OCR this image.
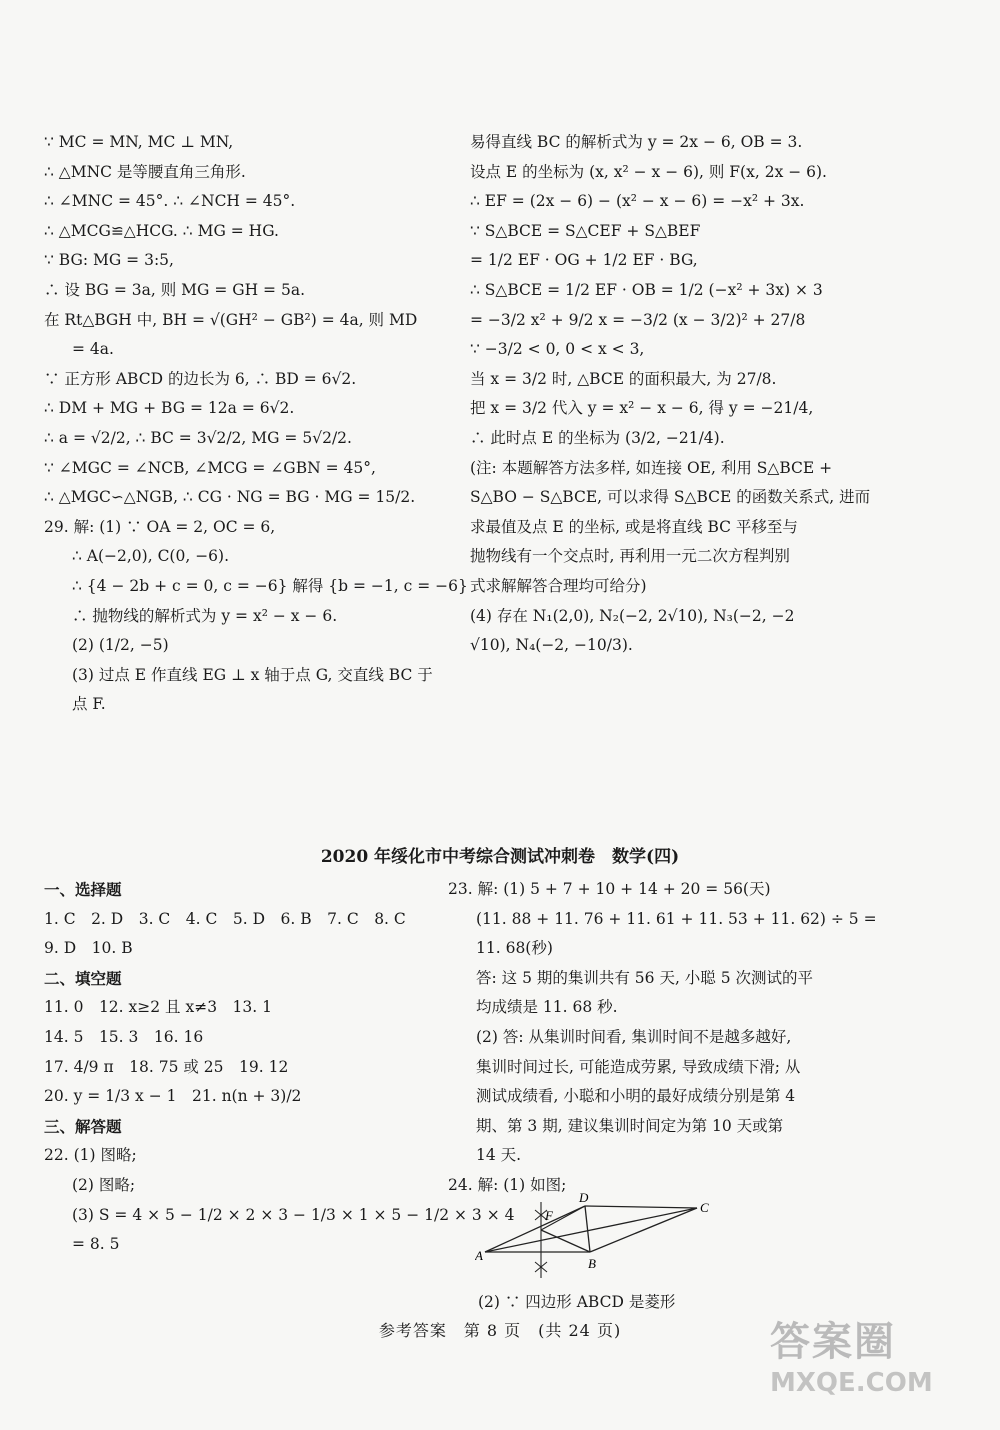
∵ MC = MN, MC ⊥ MN,
∴ △MNC 是等腰直角三角形.
∴ ∠MNC = 45°. ∴ ∠NCH = 45°.
∴ △MCG≌△HCG. ∴ MG = HG.
∵ BG: MG = 3:5,
∴ 设 BG = 3a, 则 MG = GH = 5a.
在 Rt△BGH 中, BH = √(GH² − GB²) = 4a, 则 MD
= 4a.
∵ 正方形 ABCD 的边长为 6, ∴ BD = 6√2.
∴ DM + MG + BG = 12a = 6√2.
∴ a = √2/2, ∴ BC = 3√2/2, MG = 5√2/2.
∵ ∠MGC = ∠NCB, ∠MCG = ∠GBN = 45°,
∴ △MGC∽△NGB, ∴ CG · NG = BG · MG = 15/2.
29. 解: (1) ∵ OA = 2, OC = 6,
∴ A(−2,0), C(0, −6).
∴ {4 − 2b + c = 0, c = −6} 解得 {b = −1, c = −6}
∴ 抛物线的解析式为 y = x² − x − 6.
(2) (1/2, −5)
(3) 过点 E 作直线 EG ⊥ x 轴于点 G, 交直线 BC 于
点 F.
易得直线 BC 的解析式为 y = 2x − 6, OB = 3.
设点 E 的坐标为 (x, x² − x − 6), 则 F(x, 2x − 6).
∴ EF = (2x − 6) − (x² − x − 6) = −x² + 3x.
∵ S△BCE = S△CEF + S△BEF
= 1/2 EF · OG + 1/2 EF · BG,
∴ S△BCE = 1/2 EF · OB = 1/2 (−x² + 3x) × 3
= −3/2 x² + 9/2 x = −3/2 (x − 3/2)² + 27/8
∵ −3/2 < 0, 0 < x < 3,
当 x = 3/2 时, △BCE 的面积最大, 为 27/8.
把 x = 3/2 代入 y = x² − x − 6, 得 y = −21/4,
∴ 此时点 E 的坐标为 (3/2, −21/4).
(注: 本题解答方法多样, 如连接 OE, 利用 S△BCE +
S△BO − S△BCE, 可以求得 S△BCE 的函数关系式, 进而
求最值及点 E 的坐标, 或是将直线 BC 平移至与
抛物线有一个交点时, 再利用一元二次方程判别
式求解解答合理均可给分)
(4) 存在 N₁(2,0), N₂(−2, 2√10), N₃(−2, −2
√10), N₄(−2, −10/3).
2020 年绥化市中考综合测试冲刺卷　数学(四)
一、选择题
1. C　2. D　3. C　4. C　5. D　6. B　7. C　8. C
9. D　10. B
二、填空题
11. 0　12. x≥2 且 x≠3　13. 1
14. 5　15. 3　16. 16
17. 4/9 π　18. 75 或 25　19. 12
20. y = 1/3 x − 1　21. n(n + 3)/2
三、解答题
22. (1) 图略;
(2) 图略;
(3) S = 4 × 5 − 1/2 × 2 × 3 − 1/3 × 1 × 5 − 1/2 × 3 × 4
= 8. 5
23. 解: (1) 5 + 7 + 10 + 14 + 20 = 56(天)
(11. 88 + 11. 76 + 11. 61 + 11. 53 + 11. 62) ÷ 5 =
11. 68(秒)
答: 这 5 期的集训共有 56 天, 小聪 5 次测试的平
均成绩是 11. 68 秒.
(2) 答: 从集训时间看, 集训时间不是越多越好,
集训时间过长, 可能造成劳累, 导致成绩下滑; 从
测试成绩看, 小聪和小明的最好成绩分别是第 4
期、第 3 期, 建议集训时间定为第 10 天或第
14 天.
24. 解: (1) 如图;
A
B
C
D
F
(2) ∵ 四边形 ABCD 是菱形
参考答案　第 8 页　(共 24 页)	答案圈
MXQE.COM
